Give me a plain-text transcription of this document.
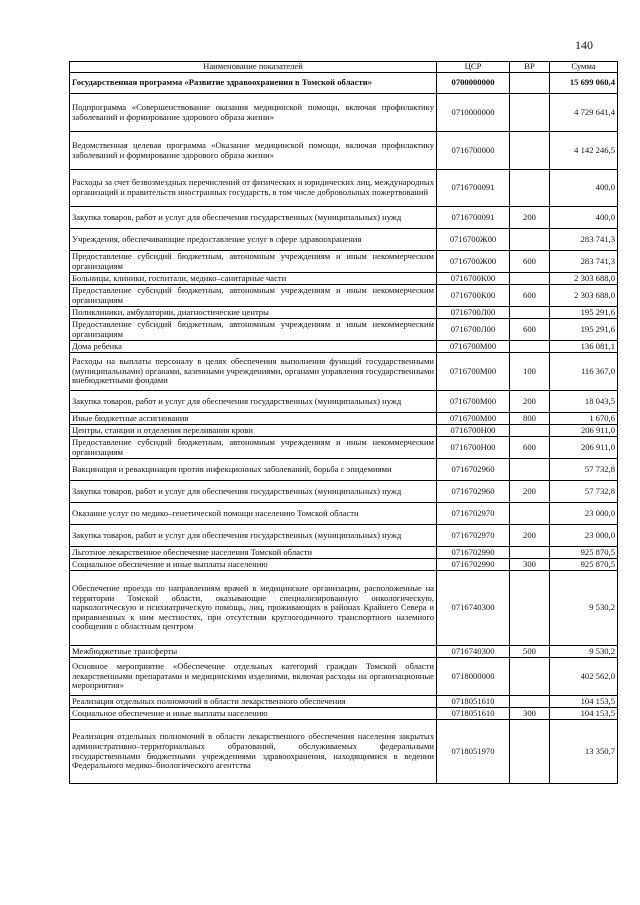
140
Наименование показателей	ЦСР	ВР	Сумма
Государственная программа «Развитие здравоохранения в Томской области»	0700000000		15 699 060,4
Подпрограмма «Совершенствование оказания медицинской помощи, включая профилактику заболеваний и формирование здорового образа жизни»	0710000000		4 729 641,4
Ведомственная целевая программа «Оказание медицинской помощи, включая профилактику заболеваний и формирование здорового образа жизни»	0716700000		4 142 246,5
Расходы за счет безвозмездных перечислений от физических и юридических лиц, международных организаций и правительств иностранных государств, в том числе добровольных пожертвований	0716700091		400,0
Закупка товаров, работ и услуг для обеспечения государственных (муниципальных) нужд	0716700091	200	400,0
Учреждения, обеспечивающие предоставление услуг в сфере здравоохранения	0716700Ж00		283 741,3
Предоставление субсидий бюджетным, автономным учреждениям и иным некоммерческим организациям	0716700Ж00	600	283 741,3
Больницы, клиники, госпитали, медико–санитарные части	0716700К00		2 303 688,0
Предоставление субсидий бюджетным, автономным учреждениям и иным некоммерческим организациям	0716700К00	600	2 303 688,0
Поликлиники, амбулатории, диагностические центры	0716700Л00		195 291,6
Предоставление субсидий бюджетным, автономным учреждениям и иным некоммерческим организациям	0716700Л00	600	195 291,6
Дома ребенка	0716700М00		136 081,1
Расходы на выплаты персоналу в целях обеспечения выполнения функций государственными (муниципальными) органами, казенными учреждениями, органами управления государственными внебюджетными фондами	0716700М00	100	116 367,0
Закупка товаров, работ и услуг для обеспечения государственных (муниципальных) нужд	0716700М00	200	18 043,5
Иные бюджетные ассигнования	0716700М00	800	1 670,6
Центры, станции и отделения переливания крови	0716700Н00		206 911,0
Предоставление субсидий бюджетным, автономным учреждениям и иным некоммерческим организациям	0716700Н00	600	206 911,0
Вакцинация и ревакцинация против инфекционных заболеваний, борьба с эпидемиями	0716702960		57 732,8
Закупка товаров, работ и услуг для обеспечения государственных (муниципальных) нужд	0716702960	200	57 732,8
Оказание услуг по медико–генетической помощи населению Томской области	0716702970		23 000,0
Закупка товаров, работ и услуг для обеспечения государственных (муниципальных) нужд	0716702970	200	23 000,0
Льготное лекарственное обеспечение населения Томской области	0716702990		925 870,5
Социальное обеспечение и иные выплаты населению	0716702990	300	925 870,5
Обеспечение проезда по направлениям врачей в медицинские организации, расположенные на территории Томской области, оказывающие специализированную онкологическую, наркологическую и психиатрическую помощь, лиц, проживающих в районах Крайнего Севера и приравненных к ним местностях, при отсутствии круглогодичного транспортного наземного сообщения с областным центром	0716740300		9 530,2
Межбюджетные трансферты	0716740300	500	9 530,2
Основное мероприятие «Обеспечение отдельных категорий граждан Томской области лекарственными препаратами и медицинскими изделиями, включая расходы на организационные мероприятия»	0718000000		402 562,0
Реализация отдельных полномочий в области лекарственного обеспечения	0718051610		104 153,5
Социальное обеспечение и иные выплаты населению	0718051610	300	104 153,5
Реализация отдельных полномочий в области лекарственного обеспечения населения закрытых административно–территориальных образований, обслуживаемых федеральными государственными бюджетными учреждениями здравоохранения, находящимися в ведении Федерального медико–биологического агентства	0718051970		13 350,7
